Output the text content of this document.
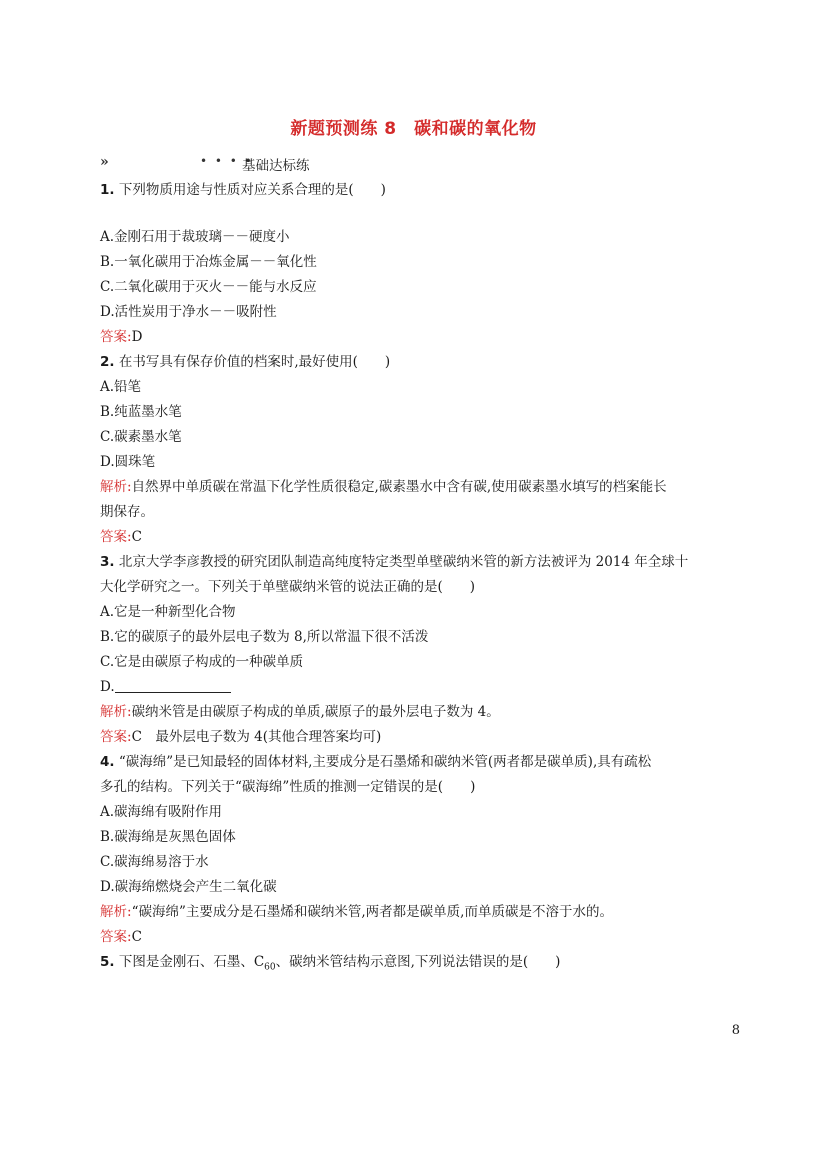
新题预测练 8　碳和碳的氧化物
»	• • • •
基础达标练
1. 下列物质用途与性质对应关系合理的是(　　)
A.金刚石用于裁玻璃－－硬度小
B.一氧化碳用于冶炼金属－－氧化性
C.二氧化碳用于灭火－－能与水反应
D.活性炭用于净水－－吸附性
答案:D
2. 在书写具有保存价值的档案时,最好使用(　　)
A.铅笔
B.纯蓝墨水笔
C.碳素墨水笔
D.圆珠笔
解析:自然界中单质碳在常温下化学性质很稳定,碳素墨水中含有碳,使用碳素墨水填写的档案能长
期保存。
答案:C
3. 北京大学李彦教授的研究团队制造高纯度特定类型单壁碳纳米管的新方法被评为 2014 年全球十
大化学研究之一。下列关于单壁碳纳米管的说法正确的是(　　)
A.它是一种新型化合物
B.它的碳原子的最外层电子数为 8,所以常温下很不活泼
C.它是由碳原子构成的一种碳单质
D.
解析:碳纳米管是由碳原子构成的单质,碳原子的最外层电子数为 4。
答案:C　最外层电子数为 4(其他合理答案均可)
4. “碳海绵”是已知最轻的固体材料,主要成分是石墨烯和碳纳米管(两者都是碳单质),具有疏松
多孔的结构。下列关于“碳海绵”性质的推测一定错误的是(　　)
A.碳海绵有吸附作用
B.碳海绵是灰黑色固体
C.碳海绵易溶于水
D.碳海绵燃烧会产生二氧化碳
解析:“碳海绵”主要成分是石墨烯和碳纳米管,两者都是碳单质,而单质碳是不溶于水的。
答案:C
5. 下图是金刚石、石墨、$C_{60}$、碳纳米管结构示意图,下列说法错误的是(　　)
8
